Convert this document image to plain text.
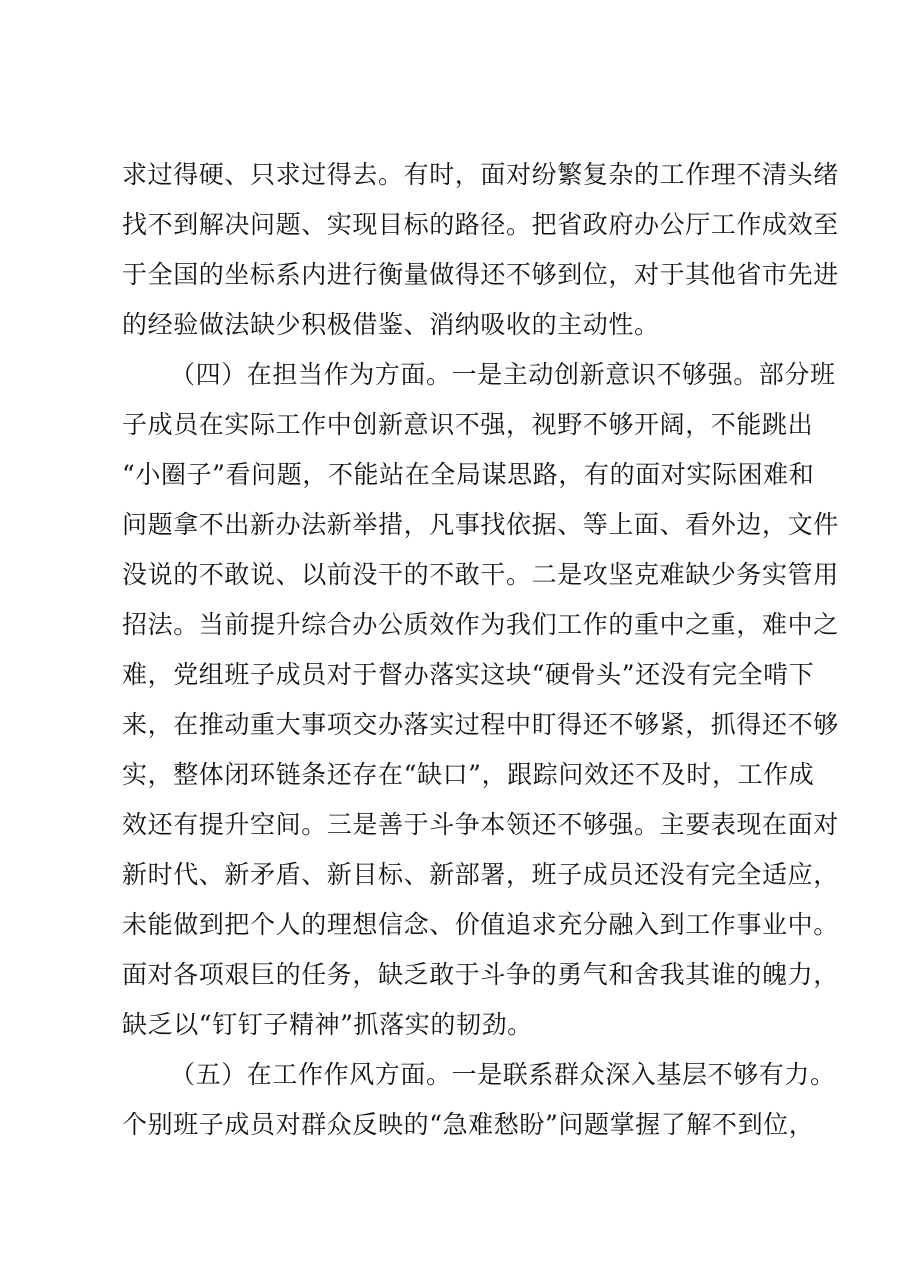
求过得硬、只求过得去。有时，面对纷繁复杂的工作理不清头绪
找不到解决问题、实现目标的路径。把省政府办公厅工作成效至
于全国的坐标系内进行衡量做得还不够到位，对于其他省市先进
的经验做法缺少积极借鉴、消纳吸收的主动性。
（四）在担当作为方面。一是主动创新意识不够强。部分班
子成员在实际工作中创新意识不强，视野不够开阔，不能跳出
“小圈子”看问题，不能站在全局谋思路，有的面对实际困难和
问题拿不出新办法新举措，凡事找依据、等上面、看外边，文件
没说的不敢说、以前没干的不敢干。二是攻坚克难缺少务实管用
招法。当前提升综合办公质效作为我们工作的重中之重，难中之
难，党组班子成员对于督办落实这块“硬骨头”还没有完全啃下
来，在推动重大事项交办落实过程中盯得还不够紧，抓得还不够
实，整体闭环链条还存在“缺口”，跟踪问效还不及时，工作成
效还有提升空间。三是善于斗争本领还不够强。主要表现在面对
新时代、新矛盾、新目标、新部署，班子成员还没有完全适应，
未能做到把个人的理想信念、价值追求充分融入到工作事业中。
面对各项艰巨的任务，缺乏敢于斗争的勇气和舍我其谁的魄力，
缺乏以“钉钉子精神”抓落实的韧劲。
（五）在工作作风方面。一是联系群众深入基层不够有力。
个别班子成员对群众反映的“急难愁盼”问题掌握了解不到位，
